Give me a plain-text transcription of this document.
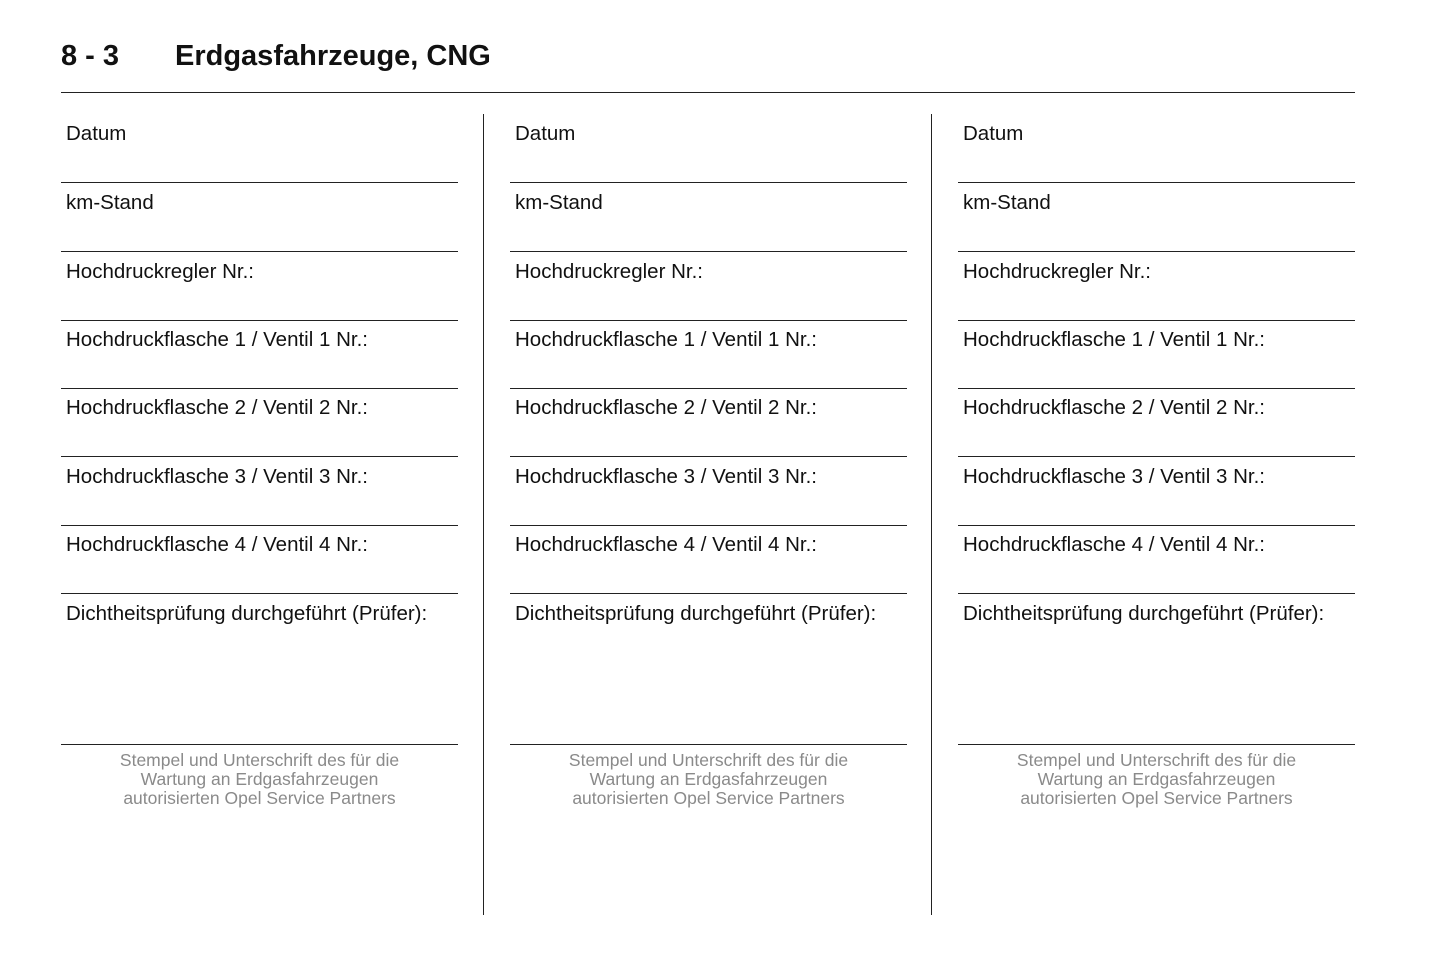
8 - 3 Erdgasfahrzeuge, CNG
Datum
km-Stand
Hochdruckregler Nr.:
Hochdruckflasche 1 / Ventil 1 Nr.:
Hochdruckflasche 2 / Ventil 2 Nr.:
Hochdruckflasche 3 / Ventil 3 Nr.:
Hochdruckflasche 4 / Ventil 4 Nr.:
Dichtheitsprüfung durchgeführt (Prüfer):
Stempel und Unterschrift des für die
Wartung an Erdgasfahrzeugen
autorisierten Opel Service Partners
Datum
km-Stand
Hochdruckregler Nr.:
Hochdruckflasche 1 / Ventil 1 Nr.:
Hochdruckflasche 2 / Ventil 2 Nr.:
Hochdruckflasche 3 / Ventil 3 Nr.:
Hochdruckflasche 4 / Ventil 4 Nr.:
Dichtheitsprüfung durchgeführt (Prüfer):
Stempel und Unterschrift des für die
Wartung an Erdgasfahrzeugen
autorisierten Opel Service Partners
Datum
km-Stand
Hochdruckregler Nr.:
Hochdruckflasche 1 / Ventil 1 Nr.:
Hochdruckflasche 2 / Ventil 2 Nr.:
Hochdruckflasche 3 / Ventil 3 Nr.:
Hochdruckflasche 4 / Ventil 4 Nr.:
Dichtheitsprüfung durchgeführt (Prüfer):
Stempel und Unterschrift des für die
Wartung an Erdgasfahrzeugen
autorisierten Opel Service Partners
